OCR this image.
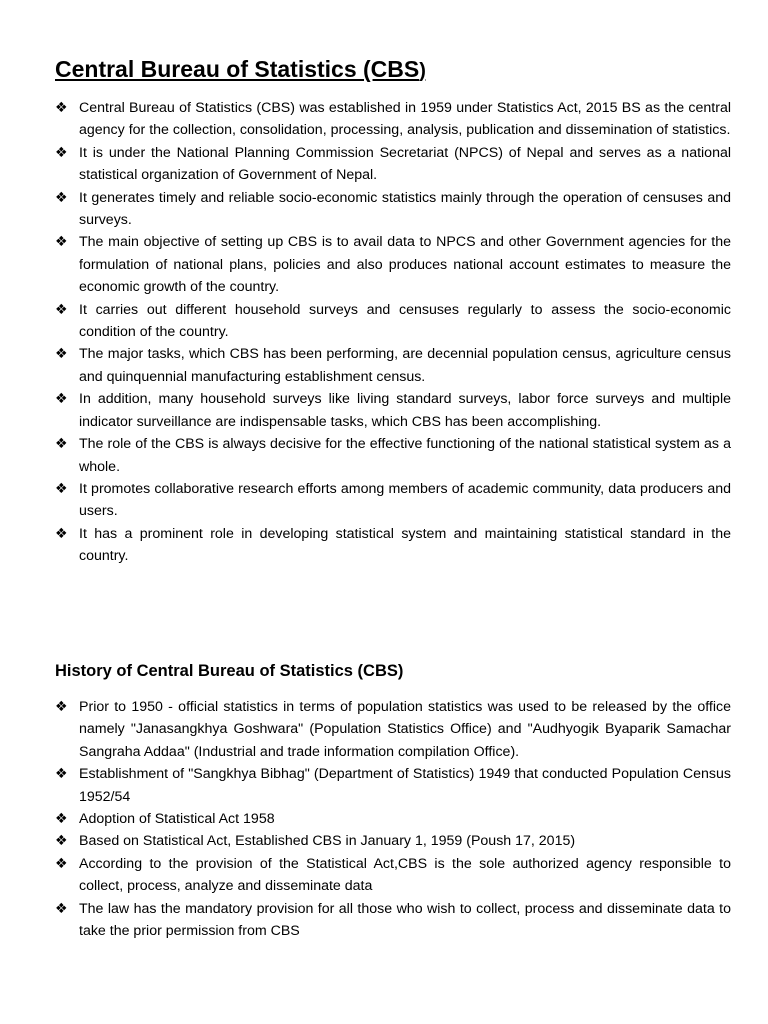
Central Bureau of Statistics (CBS)
❖ Central Bureau of Statistics (CBS) was established in 1959 under Statistics Act, 2015 BS as the central agency for the collection, consolidation, processing, analysis, publication and dissemination of statistics.
❖ It is under the National Planning Commission Secretariat (NPCS) of Nepal and serves as a national statistical organization of Government of Nepal.
❖ It generates timely and reliable socio-economic statistics mainly through the operation of censuses and surveys.
❖ The main objective of setting up CBS is to avail data to NPCS and other Government agencies for the formulation of national plans, policies and also produces national account estimates to measure the economic growth of the country.
❖ It carries out different household surveys and censuses regularly to assess the socio-economic condition of the country.
❖ The major tasks, which CBS has been performing, are decennial population census, agriculture census and quinquennial manufacturing establishment census.
❖ In addition, many household surveys like living standard surveys, labor force surveys and multiple indicator surveillance are indispensable tasks, which CBS has been accomplishing.
❖ The role of the CBS is always decisive for the effective functioning of the national statistical system as a whole.
❖ It promotes collaborative research efforts among members of academic community, data producers and users.
❖ It has a prominent role in developing statistical system and maintaining statistical standard in the country.
History of Central Bureau of Statistics (CBS)
❖ Prior to 1950 - official statistics in terms of population statistics was used to be released by the office namely "Janasangkhya Goshwara" (Population Statistics Office) and "Audhyogik Byaparik Samachar Sangraha Addaa" (Industrial and trade information compilation Office).
❖ Establishment of "Sangkhya Bibhag" (Department of Statistics) 1949 that conducted Population Census 1952/54
❖ Adoption of Statistical Act 1958
❖ Based on Statistical Act, Established CBS in January 1, 1959 (Poush 17, 2015)
❖ According to the provision of the Statistical Act,CBS is the sole authorized agency responsible to collect, process, analyze and disseminate data
❖ The law has the mandatory provision for all those who wish to collect, process and disseminate data to take the prior permission from CBS
